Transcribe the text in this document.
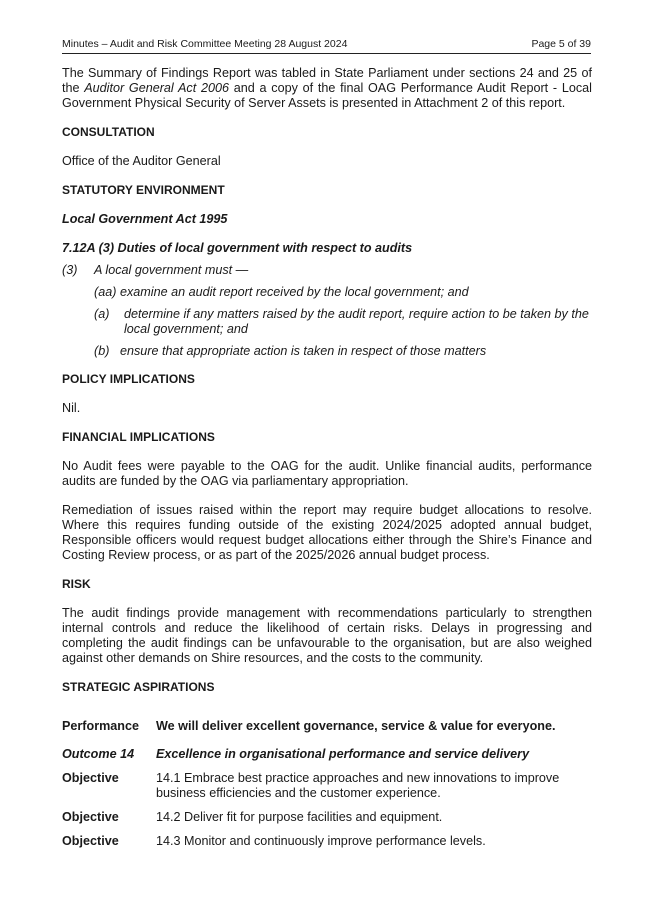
Minutes – Audit and Risk Committee Meeting 28 August 2024	Page 5 of 39

The Summary of Findings Report was tabled in State Parliament under sections 24 and 25 of the Auditor General Act 2006 and a copy of the final OAG Performance Audit Report - Local Government Physical Security of Server Assets is presented in Attachment 2 of this report.

CONSULTATION

Office of the Auditor General

STATUTORY ENVIRONMENT

Local Government Act 1995

7.12A (3) Duties of local government with respect to audits

(3)	A local government must —
(aa) examine an audit report received by the local government; and
(a)	determine if any matters raised by the audit report, require action to be taken by the local government; and
(b) ensure that appropriate action is taken in respect of those matters

POLICY IMPLICATIONS

Nil.

FINANCIAL IMPLICATIONS

No Audit fees were payable to the OAG for the audit. Unlike financial audits, performance audits are funded by the OAG via parliamentary appropriation.

Remediation of issues raised within the report may require budget allocations to resolve. Where this requires funding outside of the existing 2024/2025 adopted annual budget, Responsible officers would request budget allocations either through the Shire’s Finance and Costing Review process, or as part of the 2025/2026 annual budget process.

RISK

The audit findings provide management with recommendations particularly to strengthen internal controls and reduce the likelihood of certain risks. Delays in progressing and completing the audit findings can be unfavourable to the organisation, but are also weighed against other demands on Shire resources, and the costs to the community.

STRATEGIC ASPIRATIONS

Performance	We will deliver excellent governance, service & value for everyone.
Outcome 14	Excellence in organisational performance and service delivery
Objective	14.1 Embrace best practice approaches and new innovations to improve business efficiencies and the customer experience.
Objective	14.2 Deliver fit for purpose facilities and equipment.
Objective	14.3 Monitor and continuously improve performance levels.
